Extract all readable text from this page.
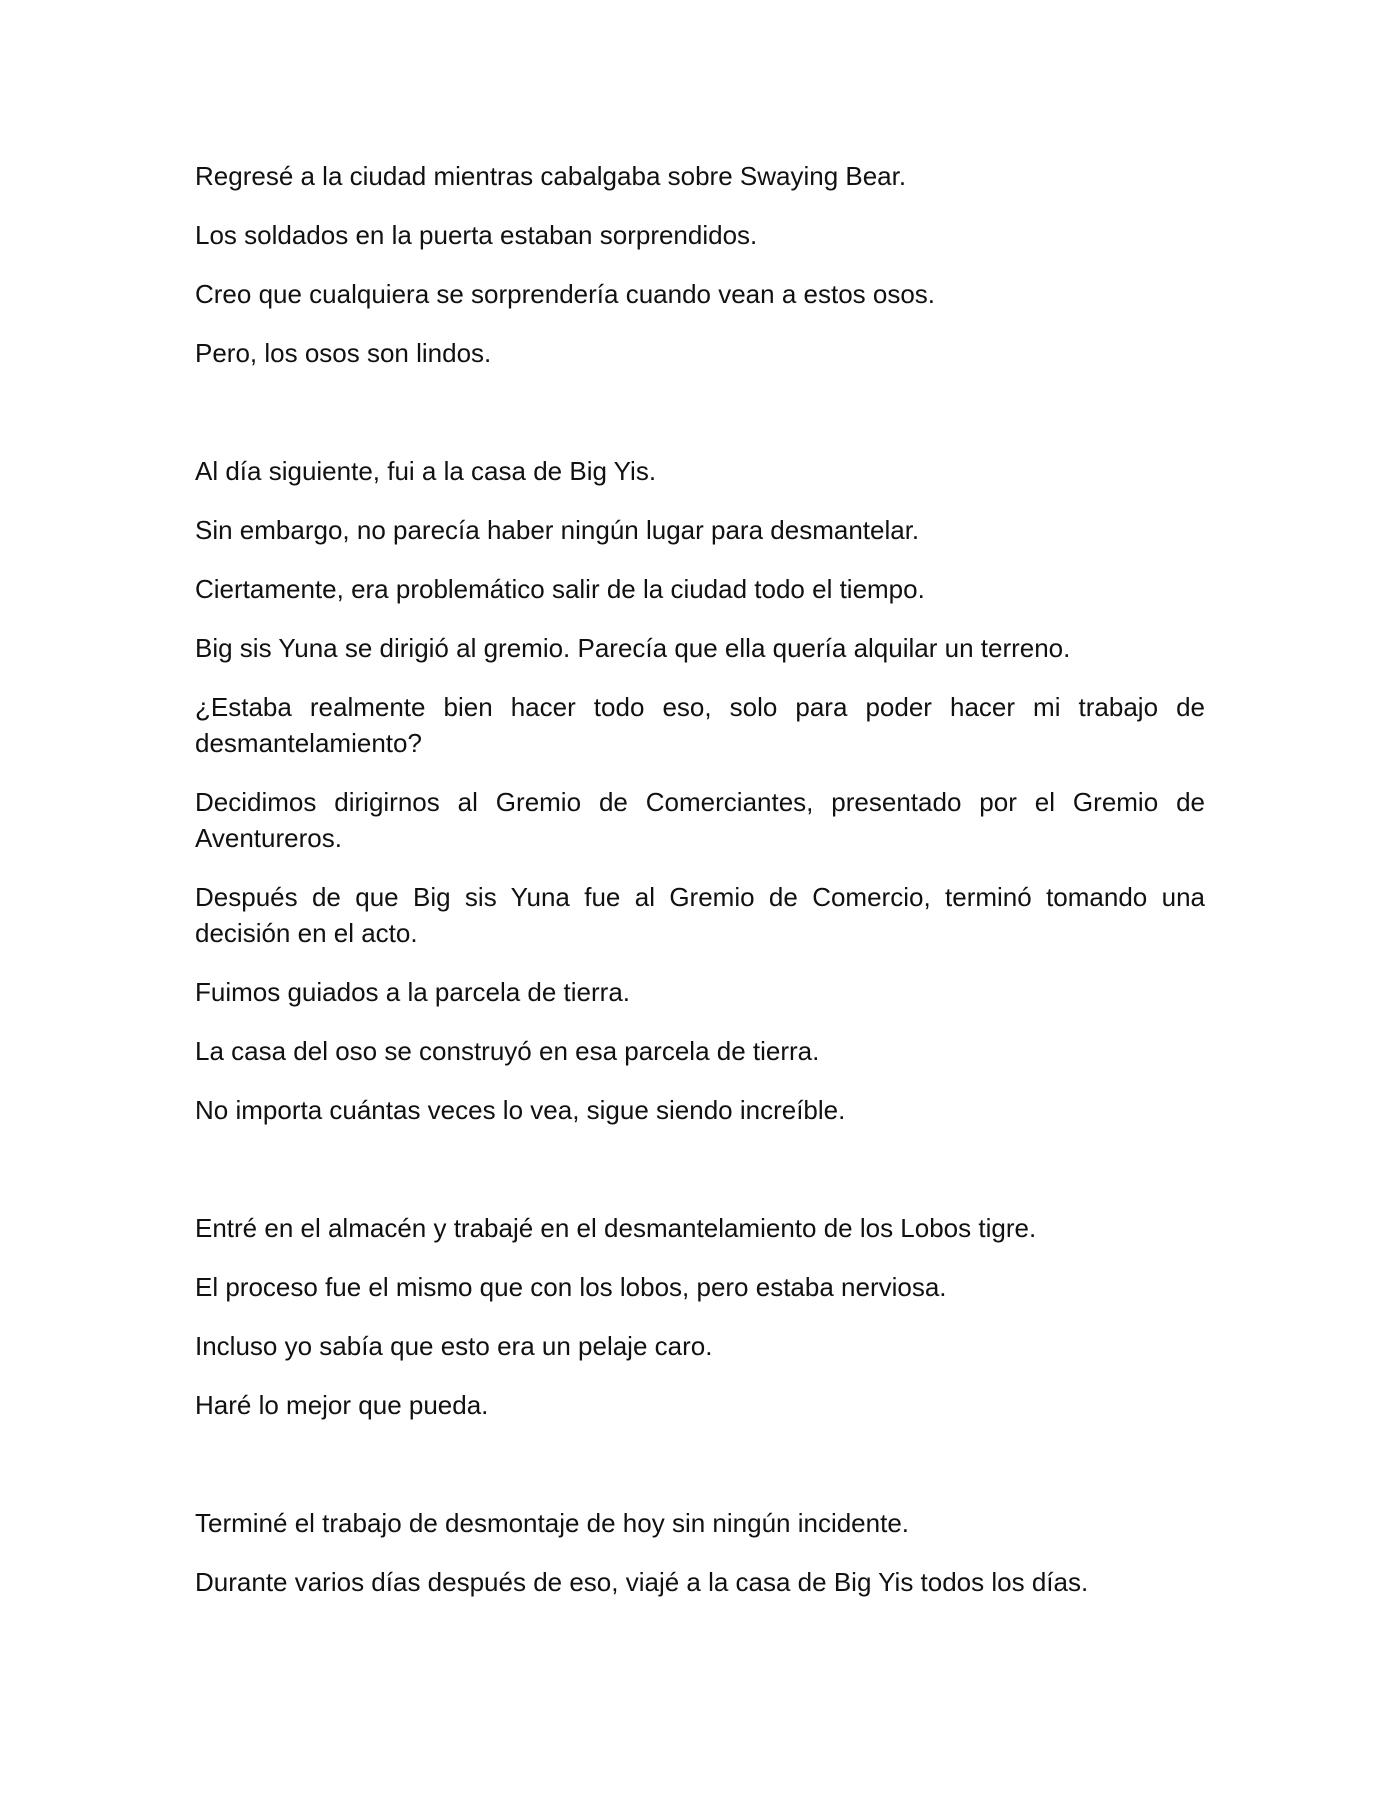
Regresé a la ciudad mientras cabalgaba sobre Swaying Bear.

Los soldados en la puerta estaban sorprendidos.

Creo que cualquiera se sorprendería cuando vean a estos osos.

Pero, los osos son lindos.

Al día siguiente, fui a la casa de Big Yis.

Sin embargo, no parecía haber ningún lugar para desmantelar.

Ciertamente, era problemático salir de la ciudad todo el tiempo.

Big sis Yuna se dirigió al gremio. Parecía que ella quería alquilar un terreno.

¿Estaba realmente bien hacer todo eso, solo para poder hacer mi trabajo de desmantelamiento?

Decidimos dirigirnos al Gremio de Comerciantes, presentado por el Gremio de Aventureros.

Después de que Big sis Yuna fue al Gremio de Comercio, terminó tomando una decisión en el acto.

Fuimos guiados a la parcela de tierra.

La casa del oso se construyó en esa parcela de tierra.

No importa cuántas veces lo vea, sigue siendo increíble.

Entré en el almacén y trabajé en el desmantelamiento de los Lobos tigre.

El proceso fue el mismo que con los lobos, pero estaba nerviosa.

Incluso yo sabía que esto era un pelaje caro.

Haré lo mejor que pueda.

Terminé el trabajo de desmontaje de hoy sin ningún incidente.

Durante varios días después de eso, viajé a la casa de Big Yis todos los días.
